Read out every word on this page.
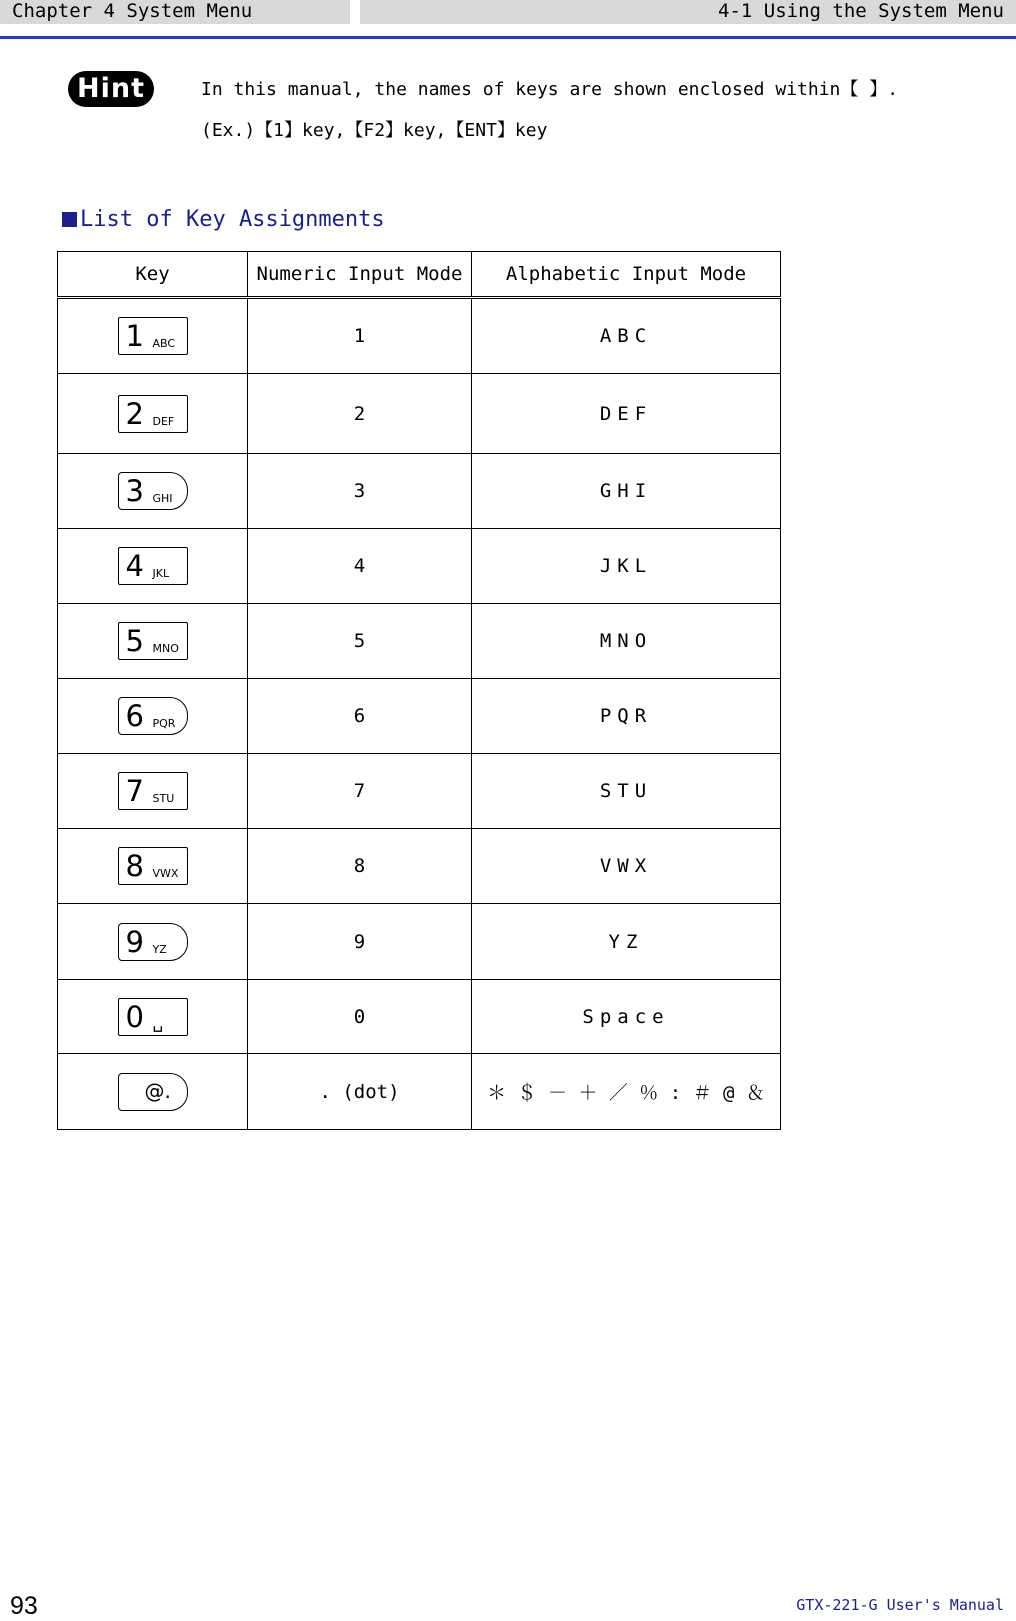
Chapter 4 System Menu	4-1 Using the System Menu
Hint	In this manual, the names of keys are shown enclosed within【 】.
(Ex.)【1】key,【F2】key,【ENT】key
List of Key Assignments
Key	Numeric Input Mode	Alphabetic Input Mode

1 ABC	1	ABC

2 DEF	2	DEF

3 GHI	3	GHI

4 JKL	4	JKL

5 MNO	5	MNO

6 PQR	6	PQR

7 STU	7	STU

8 VWX	8	VWX

9 YZ	9	YZ

0 ␣	0	Space

@.	. (dot)	＊ ＄ － ＋ ／ ％ : ＃ @ ＆
93	GTX-221-G User's Manual
